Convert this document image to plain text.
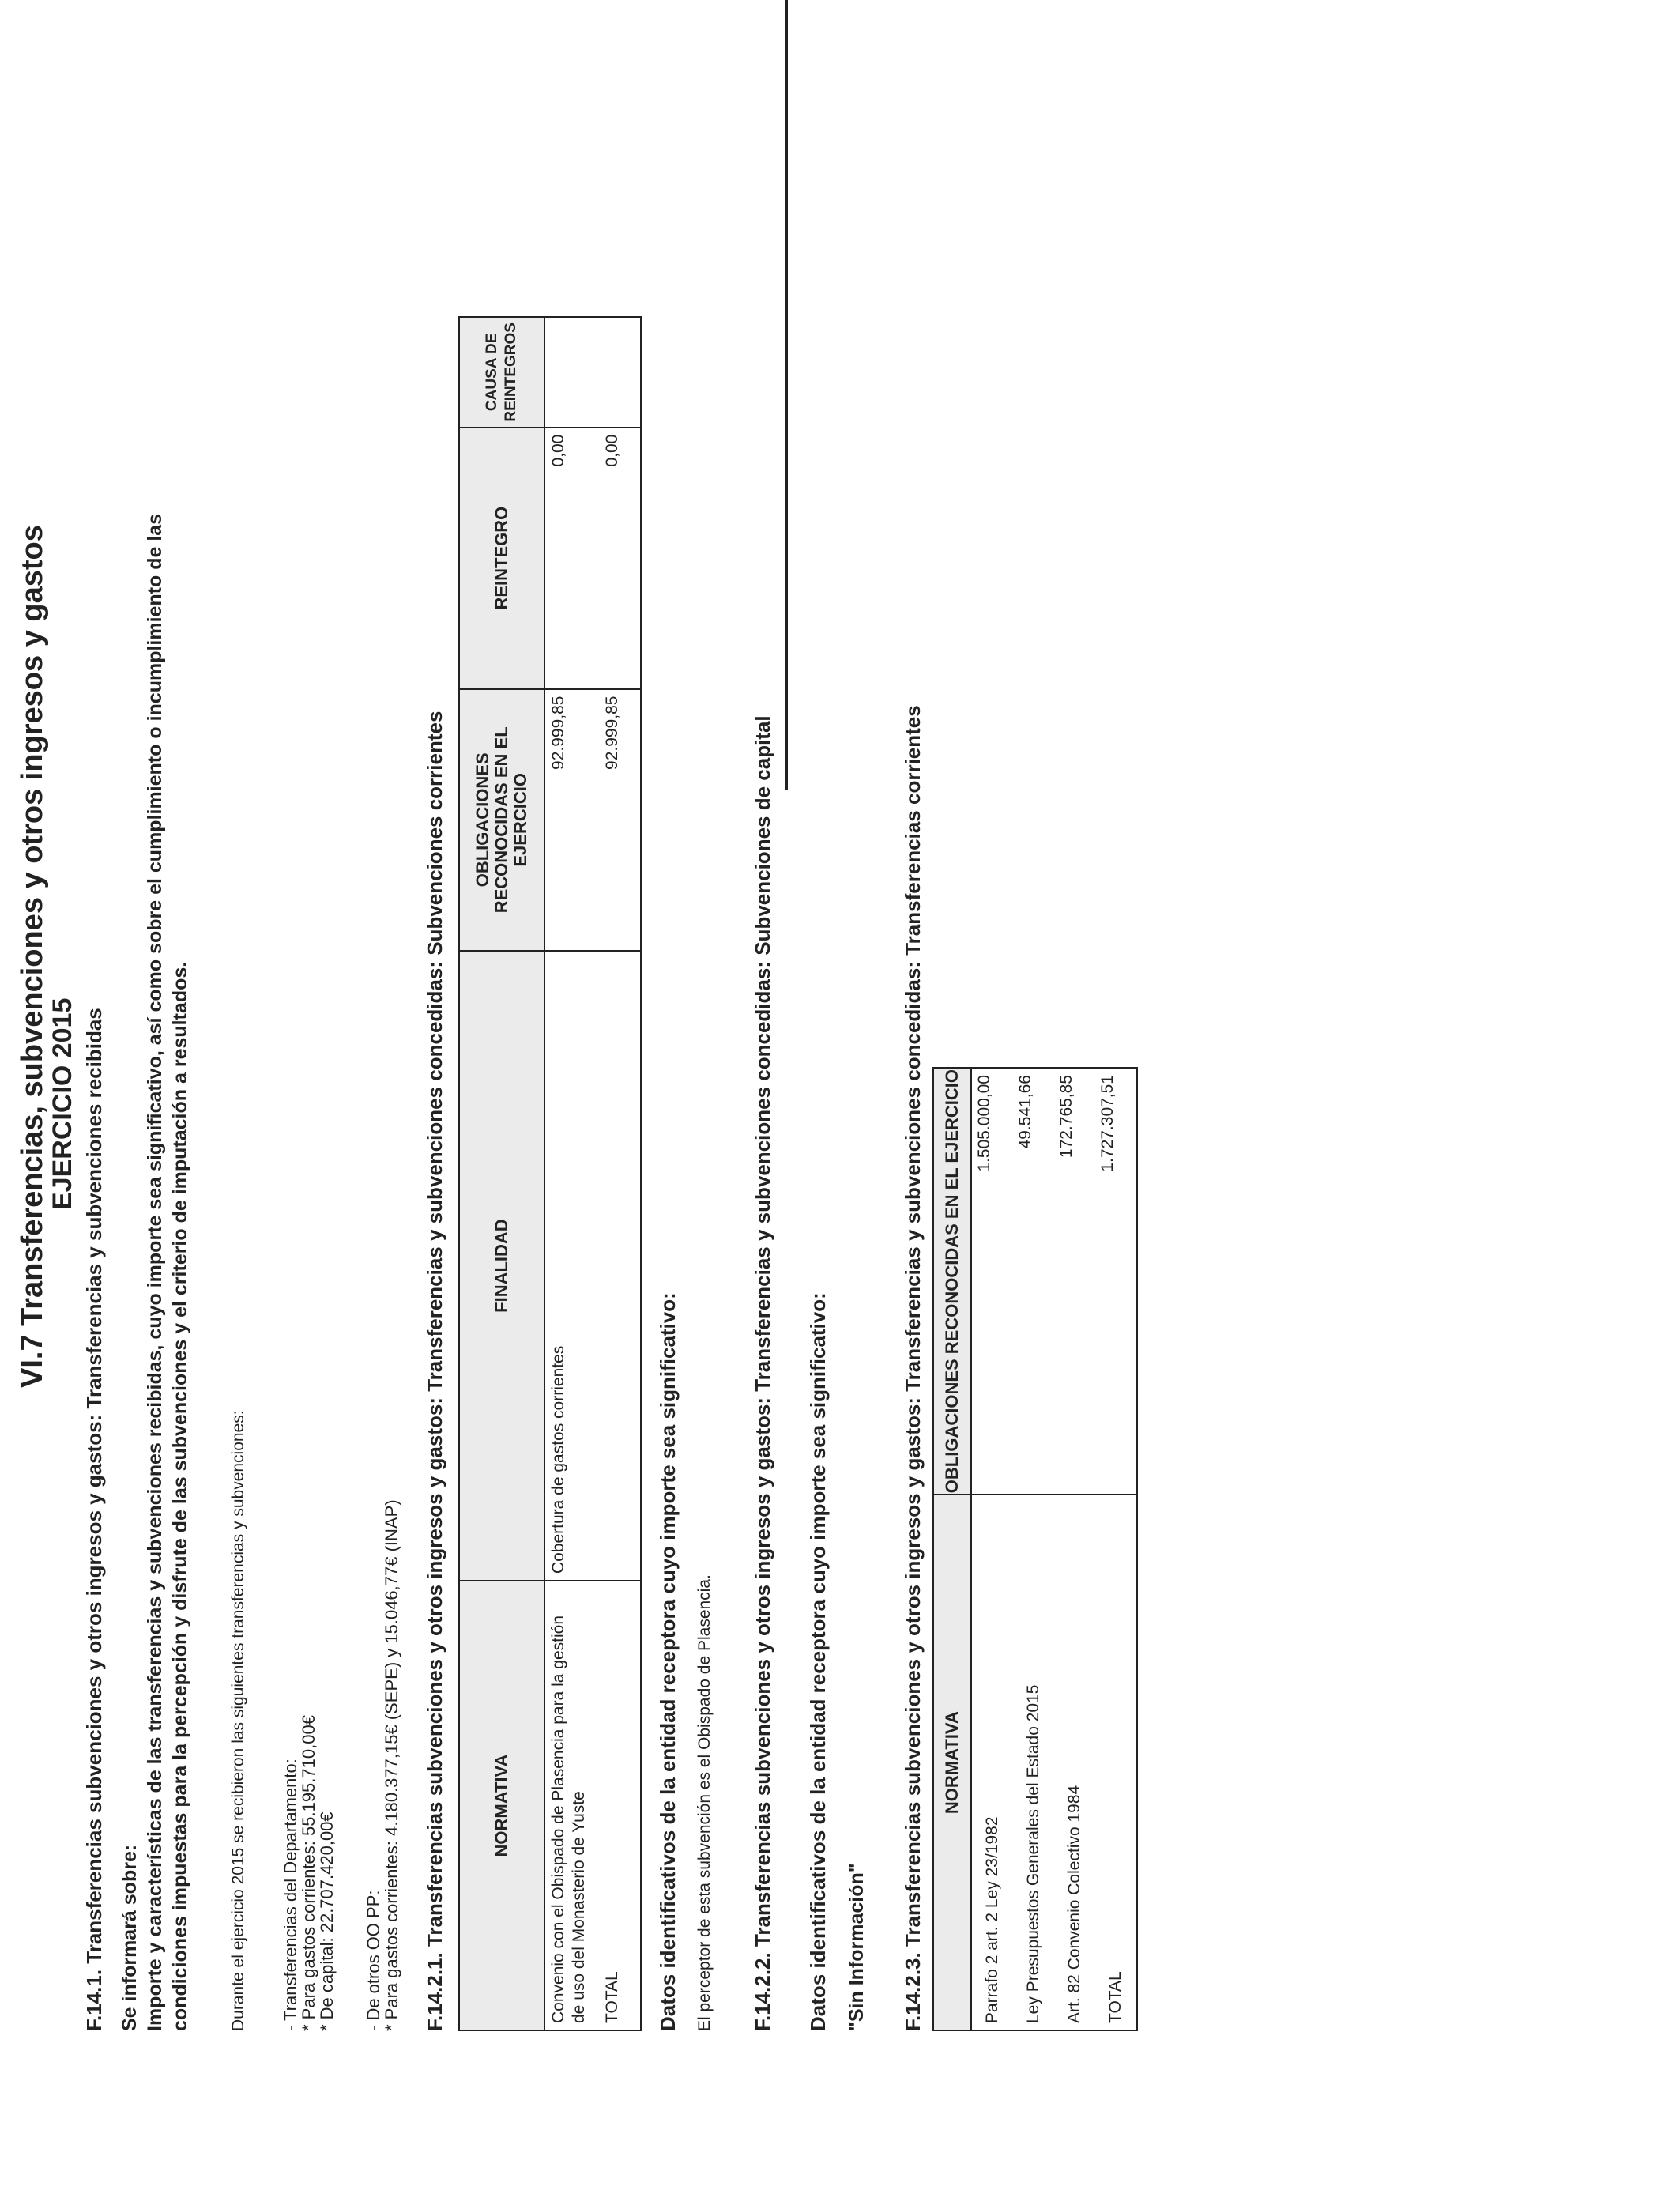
VI.7 Transferencias, subvenciones y otros ingresos y gastos
EJERCICIO 2015 F.14.1. Transferencias subvenciones y otros ingresos y gastos: Transferencias y subvenciones recibidas Se informará sobre: Importe y características de las transferencias y subvenciones recibidas, cuyo importe sea significativo, así como sobre el cumplimiento o incumplimiento de las condiciones impuestas para la percepción y disfrute de las subvenciones y el criterio de imputación a resultados. Durante el ejercicio 2015 se recibieron las siguientes transferencias y subvenciones: - Transferencias del Departamento:
* Para gastos corrientes: 55.195.710,00€
* De capital: 22.707.420,00€ - De otros OO PP:
* Para gastos corrientes: 4.180.377,15€ (SEPE) y 15.046,77€ (INAP) F.14.2.1. Transferencias subvenciones y otros ingresos y gastos: Transferencias y subvenciones concedidas: Subvenciones corrientes	NORMATIVA	FINALIDAD	OBLIGACIONES RECONOCIDAS EN EL EJERCICIO	REINTEGRO	CAUSA DE REINTEGROS

Convenio con el Obispado de Plasencia para la gestión de uso del Monasterio de Yuste	Cobertura de gastos corrientes	92.999,85	0,00	
TOTAL		92.999,85	0,00	
Datos identificativos de la entidad receptora cuyo importe sea significativo: El perceptor de esta subvención es el Obispado de Plasencia. F.14.2.2. Transferencias subvenciones y otros ingresos y gastos: Transferencias y subvenciones concedidas: Subvenciones de capital Datos identificativos de la entidad receptora cuyo importe sea significativo: "Sin Información" F.14.2.3. Transferencias subvenciones y otros ingresos y gastos: Transferencias y subvenciones concedidas: Transferencias corrientes NORMATIVA	OBLIGACIONES RECONOCIDAS EN EL EJERCICIO
Parrafo 2 art. 2 Ley 23/1982	1.505.000,00
Ley Presupuestos Generales del Estado 2015	49.541,66
Art. 82 Convenio Colectivo 1984	172.765,85
TOTAL	1.727.307,51
